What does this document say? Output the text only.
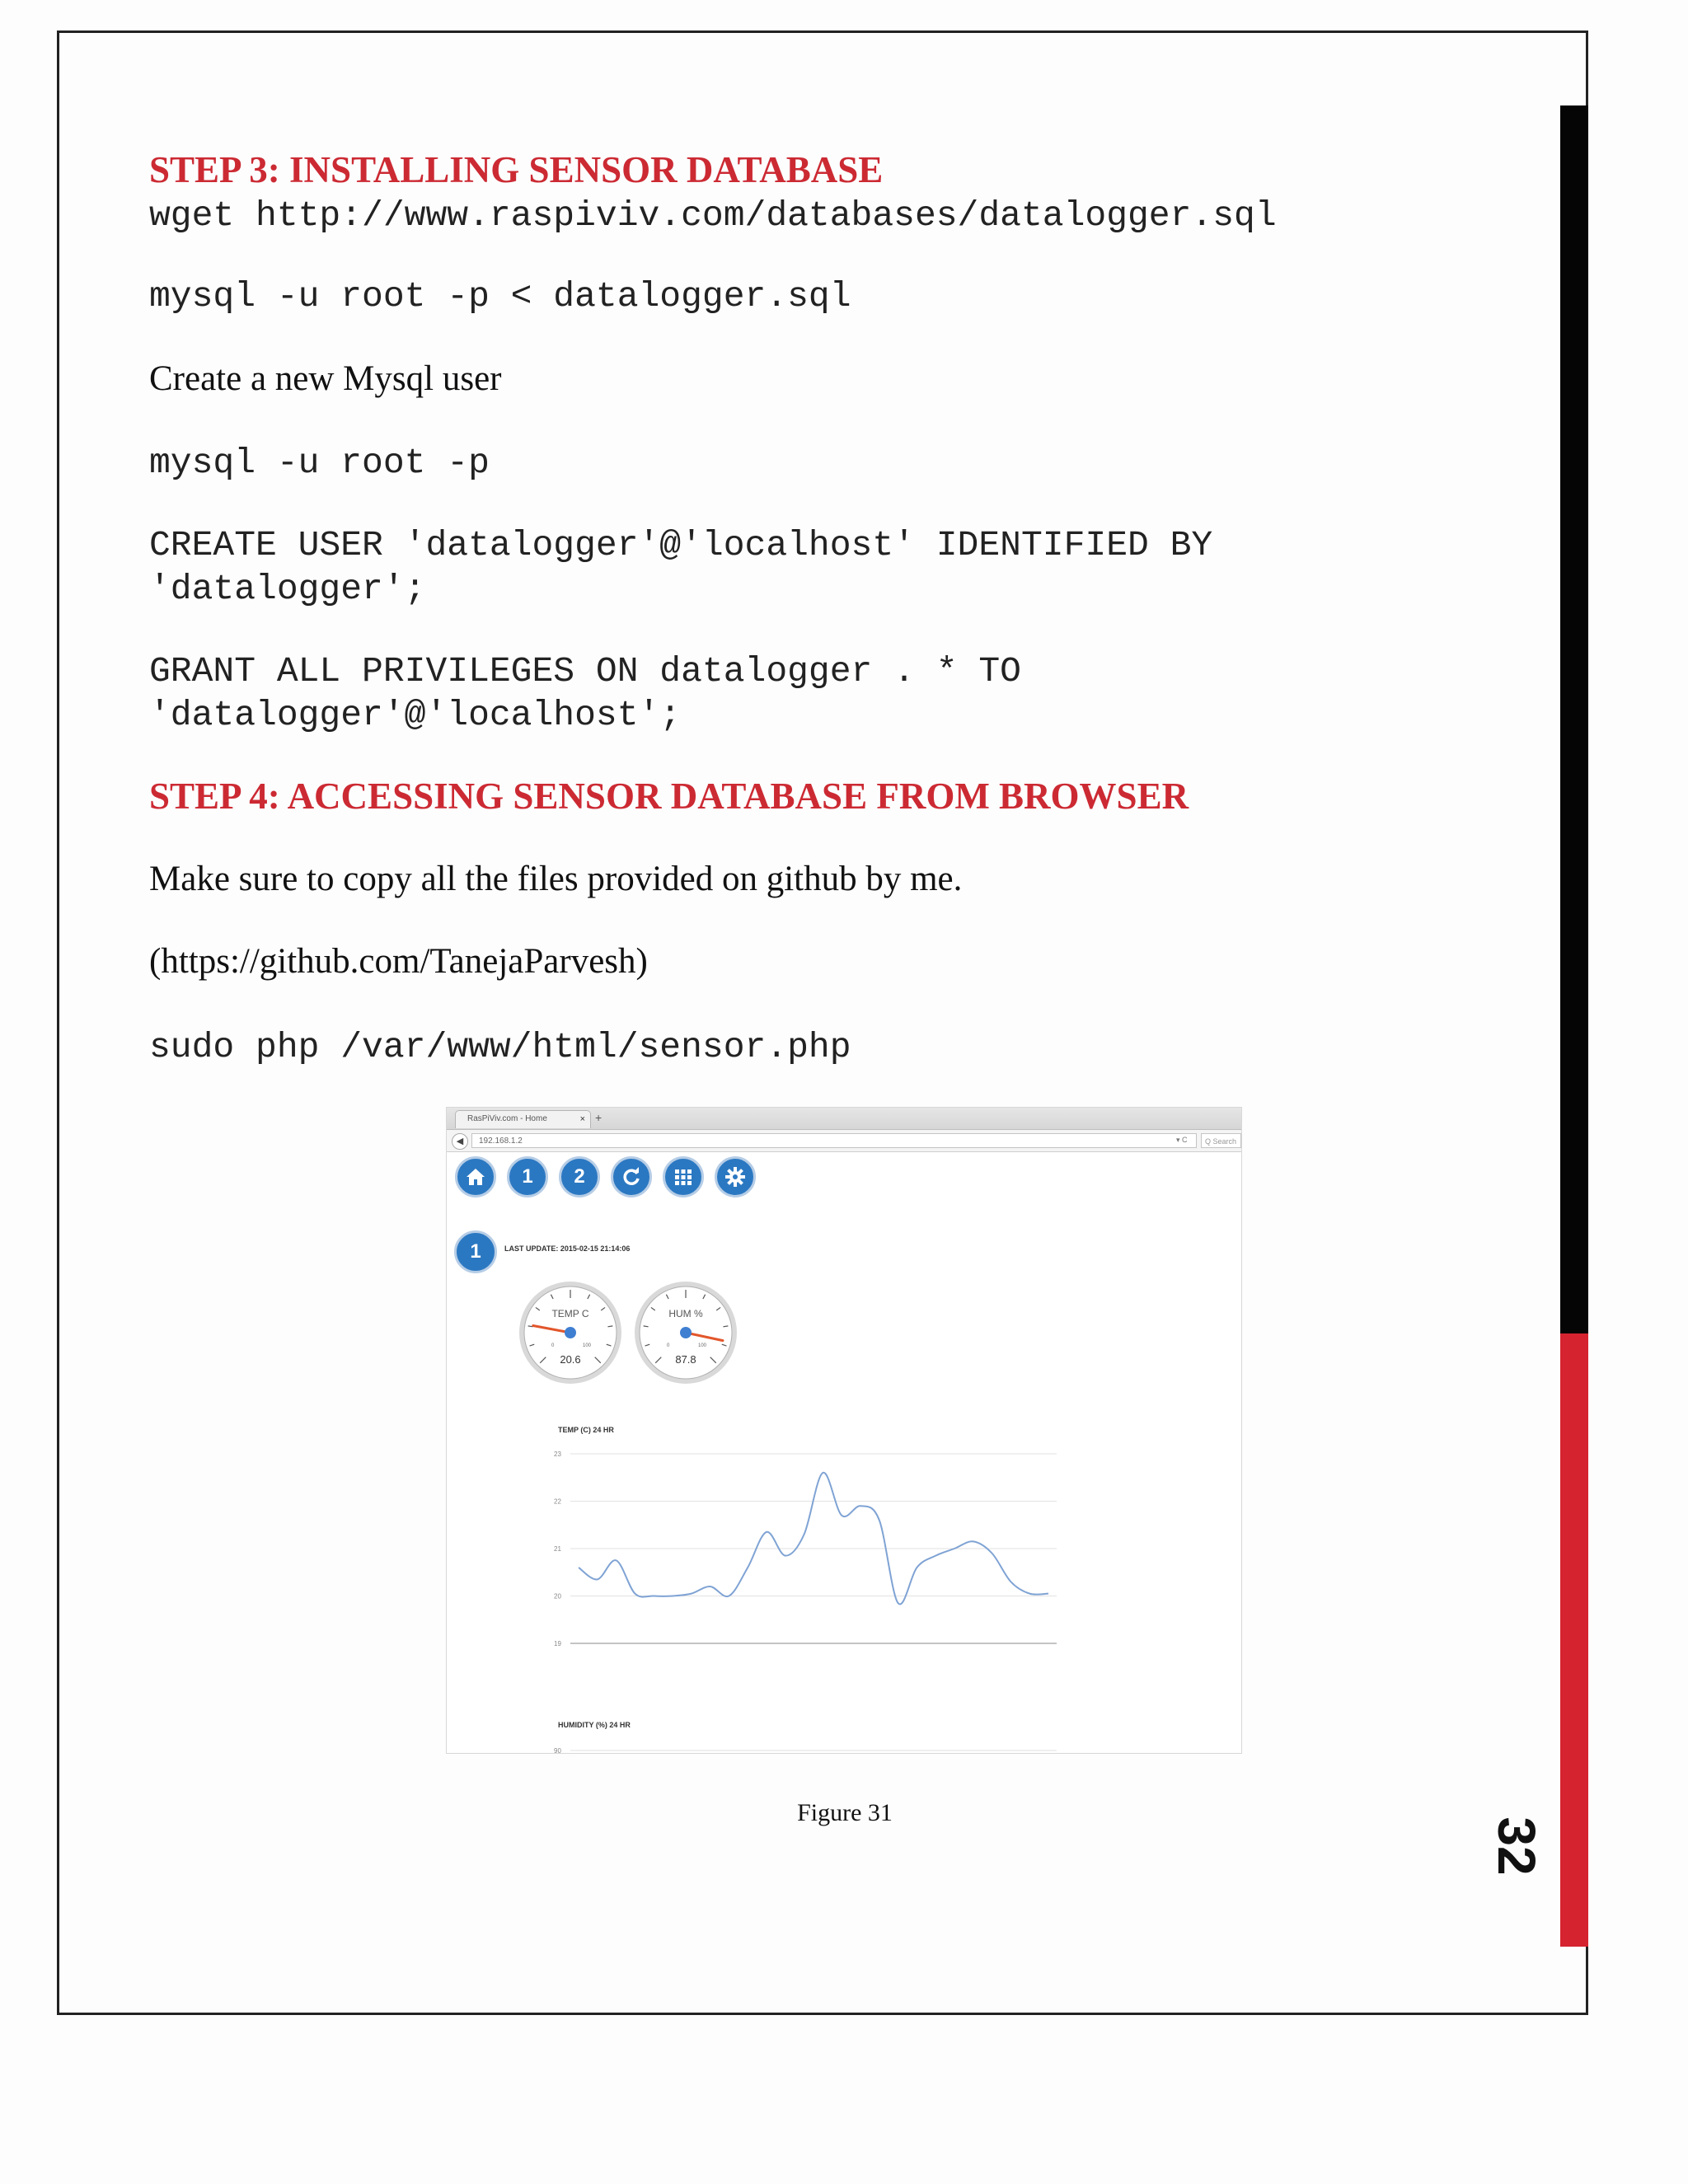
32
STEP 3: INSTALLING SENSOR DATABASE
wget http://www.raspiviv.com/databases/datalogger.sql
mysql -u root -p < datalogger.sql
Create a new Mysql user
mysql -u root -p
CREATE USER 'datalogger'@'localhost' IDENTIFIED BY
'datalogger';
GRANT ALL PRIVILEGES ON datalogger . * TO
'datalogger'@'localhost';
STEP 4: ACCESSING SENSOR DATABASE FROM BROWSER
Make sure to copy all the files provided on github by me.
(https://github.com/TanejaParvesh)
sudo php /var/www/html/sensor.php
RasPiViv.com - Home	× +
◀	192.168.1.2	▾ C	Q Search
1	2
1	LAST UPDATE: 2015-02-15 21:14:06
TEMP C
0	100
20.6
HUM %
0	100
87.8
TEMP (C) 24 HR
23
22
21
20
19
HUMIDITY (%) 24 HR
90
Figure 31
